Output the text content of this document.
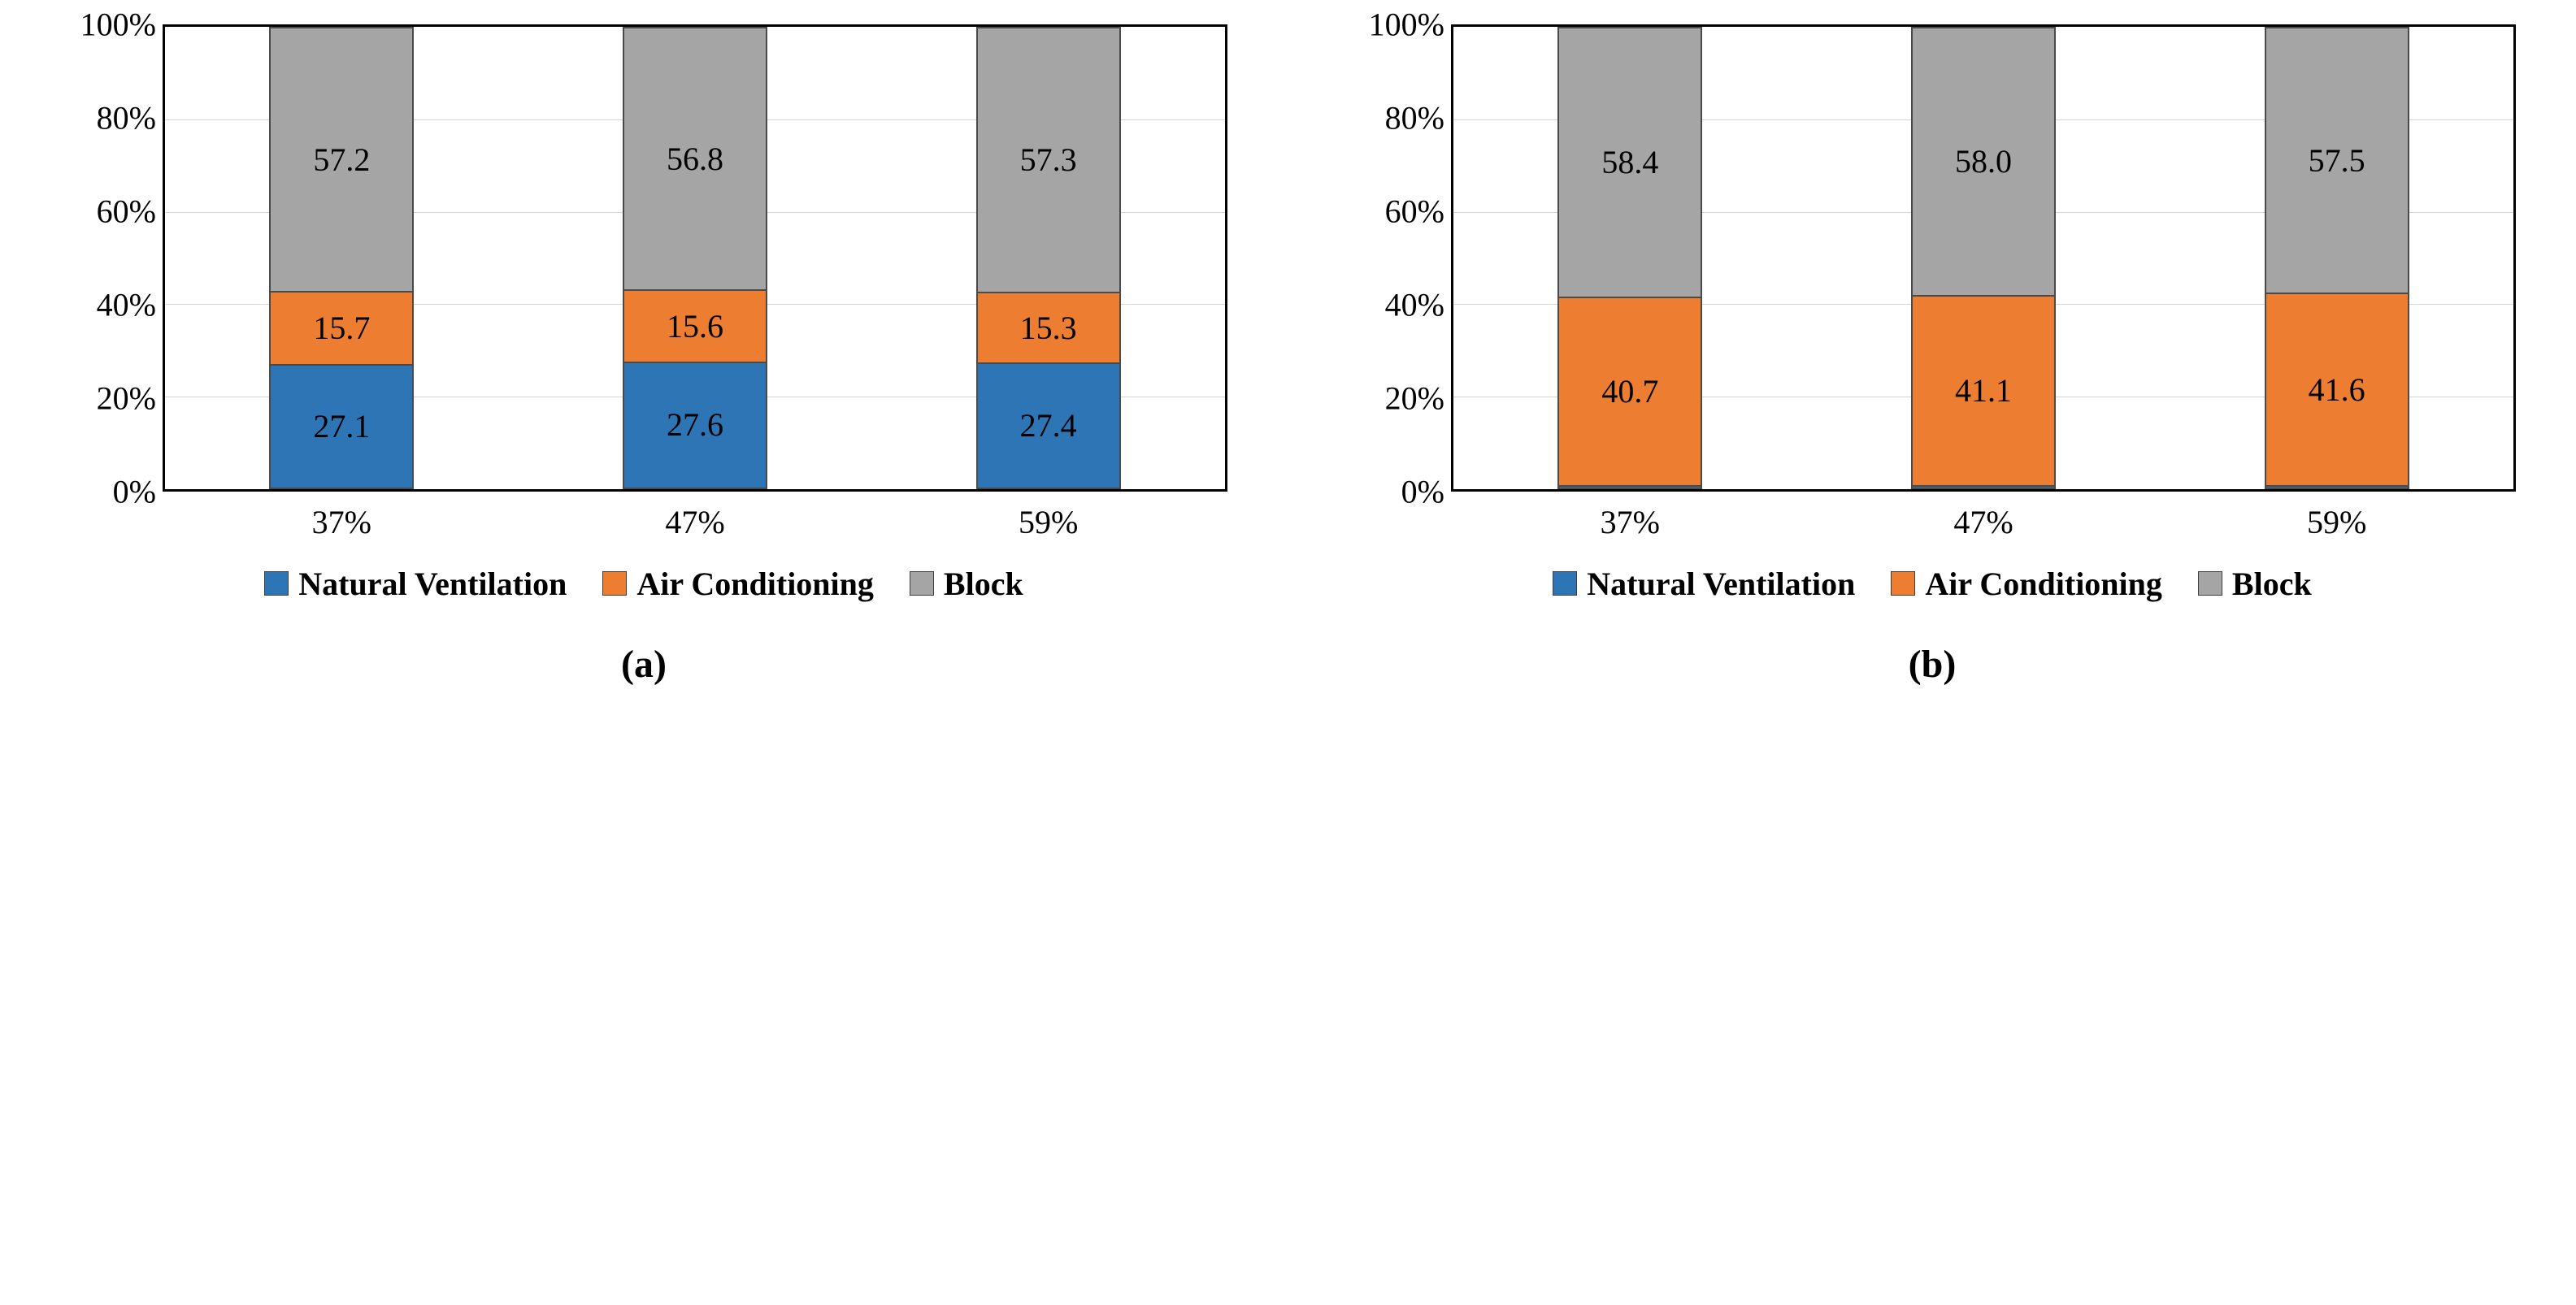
100%
80%
60%
40%
20%
0%
57.2
15.7
27.1
56.8
15.6
27.6
57.3
15.3
27.4
37%	47%	59%
Natural Ventilation Air Conditioning Block
(a)

100%
80%
60%
40%
20%
0%
58.4
40.7
58.0
41.1
57.5
41.6
37%	47%	59%
Natural Ventilation Air Conditioning Block
(b)
